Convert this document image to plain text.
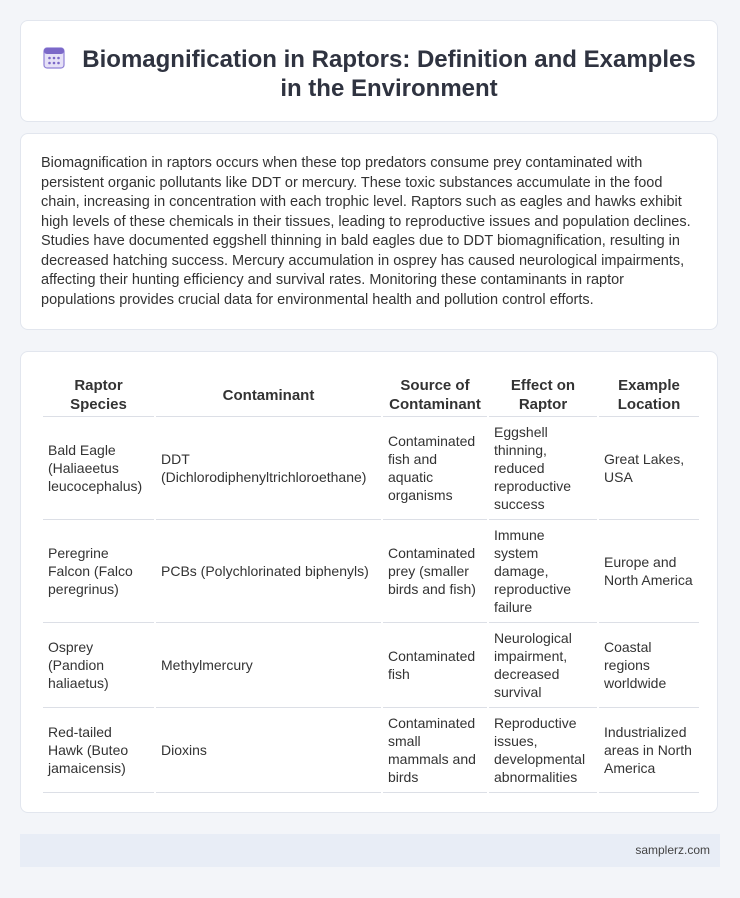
Biomagnification in Raptors: Definition and Examples in the Environment

Biomagnification in raptors occurs when these top predators consume prey contaminated with persistent organic pollutants like DDT or mercury. These toxic substances accumulate in the food chain, increasing in concentration with each trophic level. Raptors such as eagles and hawks exhibit high levels of these chemicals in their tissues, leading to reproductive issues and population declines. Studies have documented eggshell thinning in bald eagles due to DDT biomagnification, resulting in decreased hatching success. Mercury accumulation in osprey has caused neurological impairments, affecting their hunting efficiency and survival rates. Monitoring these contaminants in raptor populations provides crucial data for environmental health and pollution control efforts.

Raptor Species	Contaminant	Source of Contaminant	Effect on Raptor	Example Location
Bald Eagle (Haliaeetus leucocephalus)	DDT (Dichlorodiphenyltrichloroethane)	Contaminated fish and aquatic organisms	Eggshell thinning, reduced reproductive success	Great Lakes, USA
Peregrine Falcon (Falco peregrinus)	PCBs (Polychlorinated biphenyls)	Contaminated prey (smaller birds and fish)	Immune system damage, reproductive failure	Europe and North America
Osprey (Pandion haliaetus)	Methylmercury	Contaminated fish	Neurological impairment, decreased survival	Coastal regions worldwide
Red-tailed Hawk (Buteo jamaicensis)	Dioxins	Contaminated small mammals and birds	Reproductive issues, developmental abnormalities	Industrialized areas in North America
samplerz.com
